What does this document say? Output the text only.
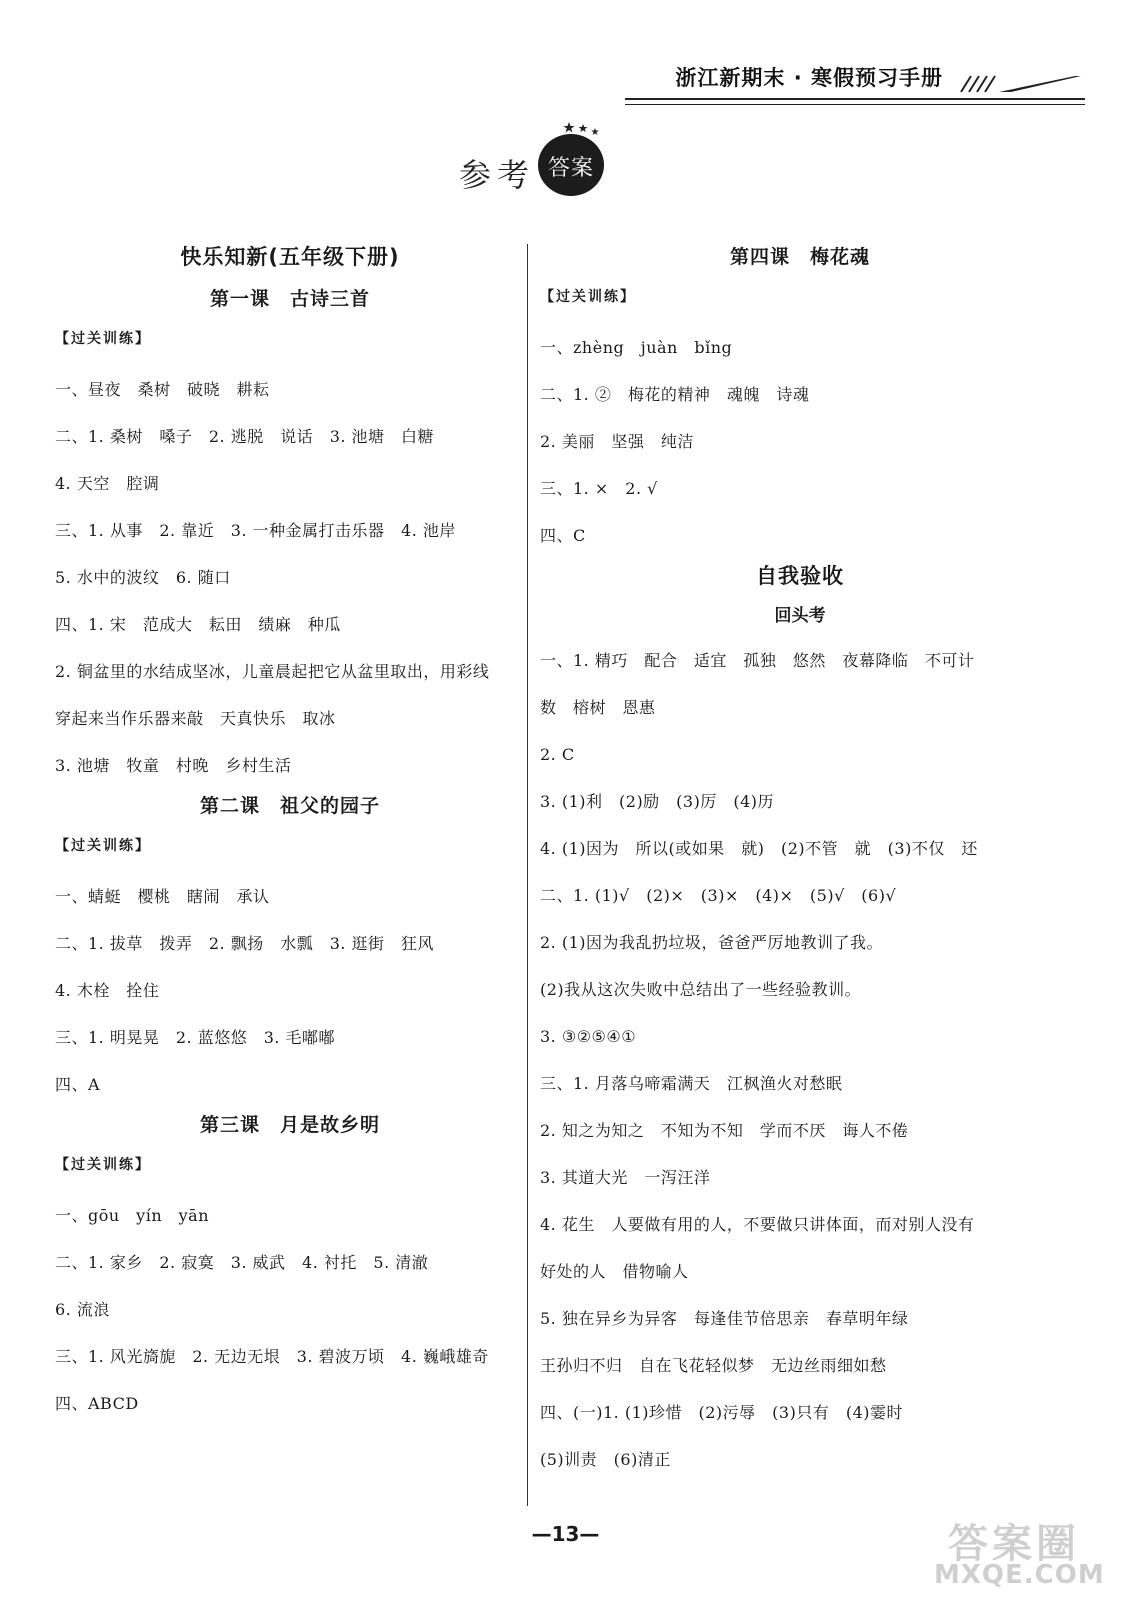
浙江新期末 · 寒假预习手册
参考 答案
快乐知新(五年级下册)
第一课　古诗三首
【过关训练】
一、昼夜　桑树　破晓　耕耘
二、1. 桑树　嗓子　2. 逃脱　说话　3. 池塘　白糖
4. 天空　腔调
三、1. 从事　2. 靠近　3. 一种金属打击乐器　4. 池岸
5. 水中的波纹　6. 随口
四、1. 宋　范成大　耘田　绩麻　种瓜
2. 铜盆里的水结成坚冰，儿童晨起把它从盆里取出，用彩线
穿起来当作乐器来敲　天真快乐　取冰
3. 池塘　牧童　村晚　乡村生活
第二课　祖父的园子
【过关训练】
一、蜻蜓　樱桃　瞎闹　承认
二、1. 拔草　拨弄　2. 飘扬　水瓢　3. 逛街　狂风
4. 木栓　拴住
三、1. 明晃晃　2. 蓝悠悠　3. 毛嘟嘟
四、A
第三课　月是故乡明
【过关训练】
一、gōu　yín　yān
二、1. 家乡　2. 寂寞　3. 威武　4. 衬托　5. 清澈
6. 流浪
三、1. 风光旖旎　2. 无边无垠　3. 碧波万顷　4. 巍峨雄奇
四、ABCD
第四课　梅花魂
【过关训练】
一、zhèng　juàn　bǐng
二、1. ②　梅花的精神　魂魄　诗魂
2. 美丽　坚强　纯洁
三、1. ×　2. √
四、C
自我验收
回头考
一、1. 精巧　配合　适宜　孤独　悠然　夜幕降临　不可计
数　榕树　恩惠
2. C
3. (1)利　(2)励　(3)厉　(4)历
4. (1)因为　所以(或如果　就)　(2)不管　就　(3)不仅　还
二、1. (1)√　(2)×　(3)×　(4)×　(5)√　(6)√
2. (1)因为我乱扔垃圾，爸爸严厉地教训了我。
(2)我从这次失败中总结出了一些经验教训。
3. ③②⑤④①
三、1. 月落乌啼霜满天　江枫渔火对愁眠
2. 知之为知之　不知为不知　学而不厌　诲人不倦
3. 其道大光　一泻汪洋
4. 花生　人要做有用的人，不要做只讲体面，而对别人没有
好处的人　借物喻人
5. 独在异乡为异客　每逢佳节倍思亲　春草明年绿
王孙归不归　自在飞花轻似梦　无边丝雨细如愁
四、(一)1. (1)珍惜　(2)污辱　(3)只有　(4)霎时
(5)训责　(6)清正
—13—	答案圈
MXQE.COM
